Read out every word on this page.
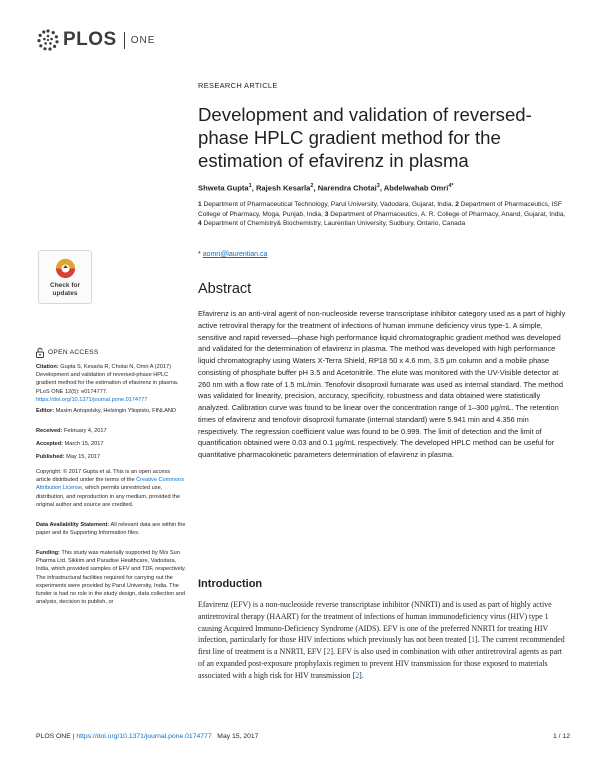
PLOS ONE
RESEARCH ARTICLE
Development and validation of reversed-phase HPLC gradient method for the estimation of efavirenz in plasma
Shweta Gupta$^1$, Rajesh Kesarla$^2$, Narendra Chotai$^3$, Abdelwahab Omri$^{4*}$
1 Department of Pharmaceutical Technology, Parul University, Vadodara, Gujarat, India, 2 Department of Pharmaceutics, ISF College of Pharmacy, Moga, Punjab, India, 3 Department of Pharmaceutics, A. R. College of Pharmacy, Anand, Gujarat, India, 4 Department of Chemistry& Biochemistry, Laurentian University, Sudbury, Ontario, Canada
* aomri@laurentian.ca
Abstract
Efavirenz is an anti-viral agent of non-nucleoside reverse transcriptase inhibitor category used as a part of highly active retroviral therapy for the treatment of infections of human immune deficiency virus type-1. A simple, sensitive and rapid reversed—phase high performance liquid chromatographic gradient method was developed and validated for the determination of efavirenz in plasma. The method was developed with high performance liquid chromatography using Waters X-Terra Shield, RP18 50 x 4.6 mm, 3.5 μm column and a mobile phase consisting of phosphate buffer pH 3.5 and Acetonitrile. The elute was monitored with the UV-Visible detector at 260 nm with a flow rate of 1.5 mL/min. Tenofovir disoproxil fumarate was used as internal standard. The method was validated for linearity, precision, accuracy, specificity, robustness and data obtained were statistically analyzed. Calibration curve was found to be linear over the concentration range of 1–300 μg/mL. The retention times of efavirenz and tenofovir disoproxil fumarate (internal standard) were 5.941 min and 4.356 min respectively. The regression coefficient value was found to be 0.999. The limit of detection and the limit of quantification obtained were 0.03 and 0.1 μg/mL respectively. The developed HPLC method can be useful for quantitative pharmacokinetic parameters determination of efavirenz in plasma.
Introduction
Efavirenz (EFV) is a non-nucleoside reverse transcriptase inhibitor (NNRTI) and is used as part of highly active antiretroviral therapy (HAART) for the treatment of infections of human immunodeficiency virus (HIV) type 1 causing Acquired Immuno-Deficiency Syndrome (AIDS). EFV is one of the preferred NNRTI for treating HIV infection, particularly for those HIV infections which previously has not been treated [1]. The current recommended first line of treatment is a NNRTI, EFV [2]. EFV is also used in combination with other antiretroviral agents as part of an expanded post-exposure prophylaxis regimen to prevent HIV transmission for those exposed to materials associated with a high risk for HIV transmission [2].
Check for
updates
OPEN ACCESS
Citation: Gupta S, Kesarla R, Chotai N, Omri A (2017) Development and validation of reversed-phase HPLC gradient method for the estimation of efavirenz in plasma. PLoS ONE 12(5): e0174777. https://doi.org/10.1371/journal.pone.0174777
Editor: Maxim Antopolsky, Helsingin Yliopisto, FINLAND
Received: February 4, 2017
Accepted: March 15, 2017
Published: May 15, 2017
Copyright: © 2017 Gupta et al. This is an open access article distributed under the terms of the Creative Commons Attribution License, which permits unrestricted use, distribution, and reproduction in any medium, provided the original author and source are credited.
Data Availability Statement: All relevant data are within the paper and its Supporting Information files.
Funding: This study was materially supported by M/s Sun Pharma Ltd. Sikkim and Paradise Healthcare, Vadodara, India, which provided samples of EFV and TDF, respectively. The infrastructural facilities required for carrying out the experiments were provided by Parul University, India. The funder is had no role in the study design, data collection and analysis, decision to publish, or
PLOS ONE | https://doi.org/10.1371/journal.pone.0174777 May 15, 2017	1 / 12
